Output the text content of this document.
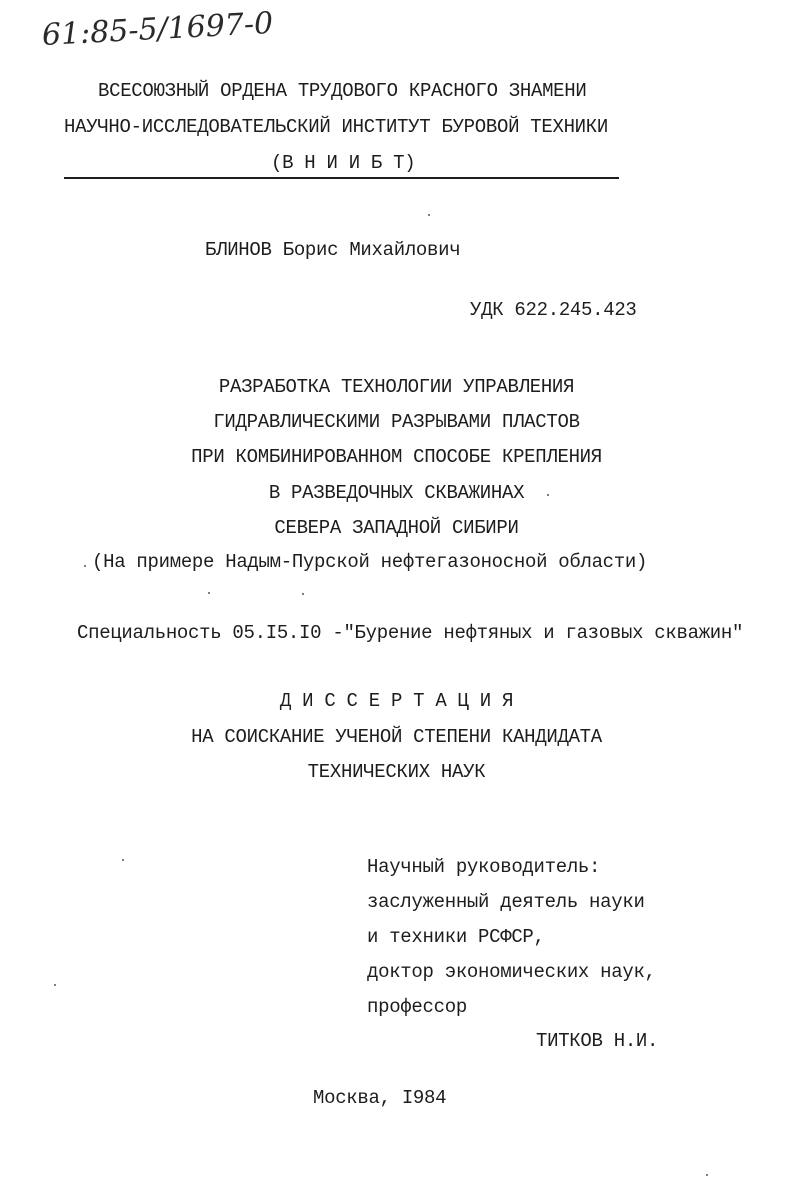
61:85-5/1697-0
ВСЕСОЮЗНЫЙ ОРДЕНА ТРУДОВОГО КРАСНОГО ЗНАМЕНИ
НАУЧНО-ИССЛЕДОВАТЕЛЬСКИЙ ИНСТИТУТ БУРОВОЙ ТЕХНИКИ
(В Н И И Б Т)
БЛИНОВ Борис Михайлович
УДК 622.245.423
РАЗРАБОТКА ТЕХНОЛОГИИ УПРАВЛЕНИЯ
ГИДРАВЛИЧЕСКИМИ РАЗРЫВАМИ ПЛАСТОВ
ПРИ КОМБИНИРОВАННОМ СПОСОБЕ КРЕПЛЕНИЯ
В РАЗВЕДОЧНЫХ СКВАЖИНАХ
СЕВЕРА ЗАПАДНОЙ СИБИРИ
(На примере Надым-Пурской нефтегазоносной области)
Специальность 05.I5.I0 -"Бурение нефтяных и газовых скважин"
Д И С С Е Р Т А Ц И Я
НА СОИСКАНИЕ УЧЕНОЙ СТЕПЕНИ КАНДИДАТА
ТЕХНИЧЕСКИХ НАУК
Научный руководитель:
заслуженный деятель науки
и техники РСФСР,
доктор экономических наук,
профессор
ТИТКОВ Н.И.
Москва, I984
